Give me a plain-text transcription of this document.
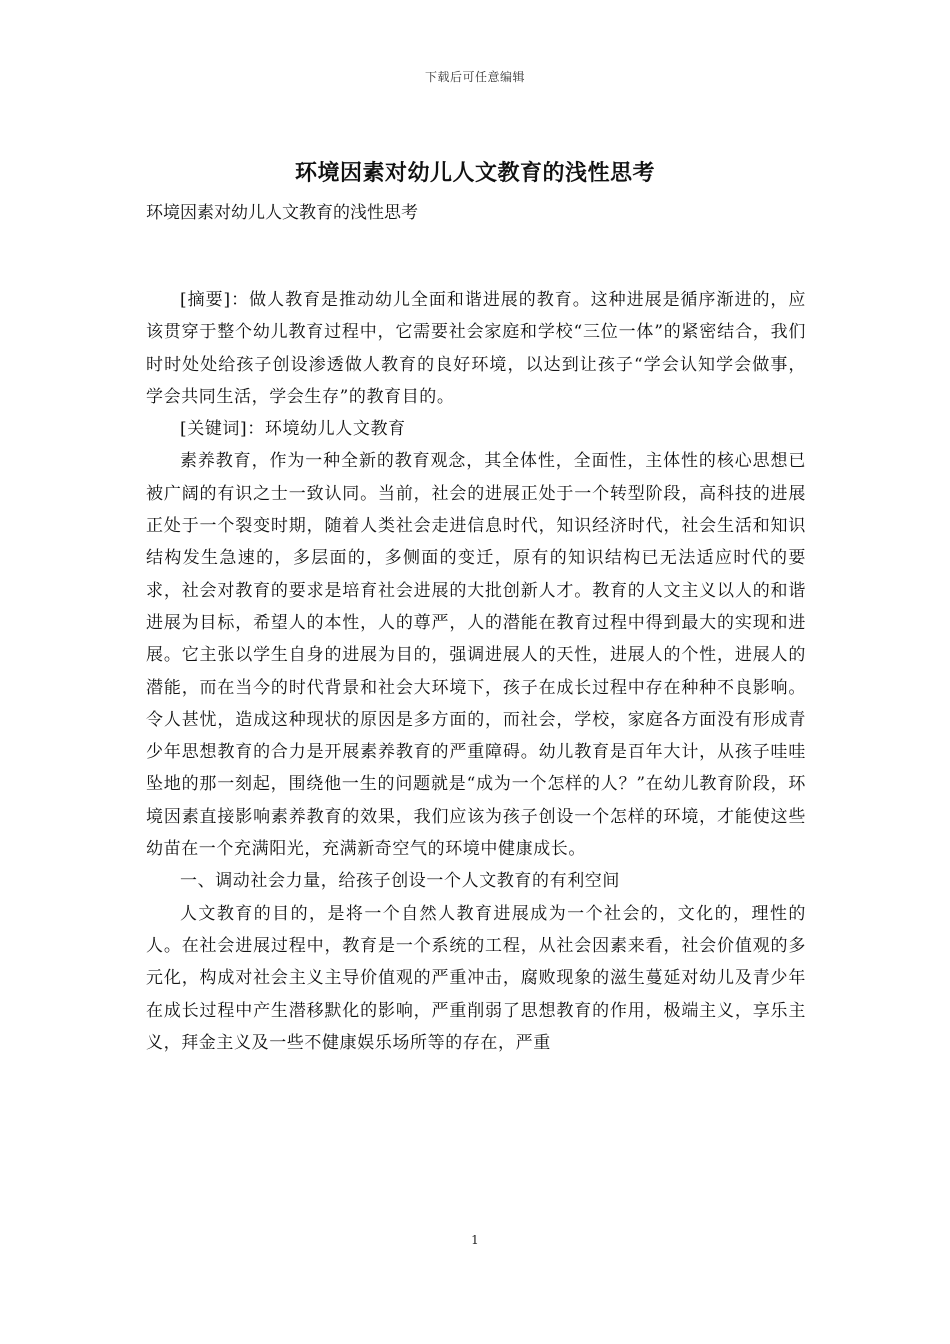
下载后可任意编辑
环境因素对幼儿人文教育的浅性思考

环境因素对幼儿人文教育的浅性思考

[摘要]：做人教育是推动幼儿全面和谐进展的教育。这种进展是循序渐进的，应该贯穿于整个幼儿教育过程中，它需要社会家庭和学校“三位一体”的紧密结合，我们时时处处给孩子创设渗透做人教育的良好环境，以达到让孩子“学会认知学会做事，学会共同生活，学会生存”的教育目的。

[关键词]：环境幼儿人文教育

素养教育，作为一种全新的教育观念，其全体性，全面性，主体性的核心思想已被广阔的有识之士一致认同。当前，社会的进展正处于一个转型阶段，高科技的进展正处于一个裂变时期，随着人类社会走进信息时代，知识经济时代，社会生活和知识结构发生急速的，多层面的，多侧面的变迁，原有的知识结构已无法适应时代的要求，社会对教育的要求是培育社会进展的大批创新人才。教育的人文主义以人的和谐进展为目标，希望人的本性，人的尊严，人的潜能在教育过程中得到最大的实现和进展。它主张以学生自身的进展为目的，强调进展人的天性，进展人的个性，进展人的潜能，而在当今的时代背景和社会大环境下，孩子在成长过程中存在种种不良影响。令人甚忧，造成这种现状的原因是多方面的，而社会，学校，家庭各方面没有形成青少年思想教育的合力是开展素养教育的严重障碍。幼儿教育是百年大计，从孩子哇哇坠地的那一刻起，围绕他一生的问题就是“成为一个怎样的人？”在幼儿教育阶段，环境因素直接影响素养教育的效果，我们应该为孩子创设一个怎样的环境，才能使这些幼苗在一个充满阳光，充满新奇空气的环境中健康成长。

一、调动社会力量，给孩子创设一个人文教育的有利空间

人文教育的目的，是将一个自然人教育进展成为一个社会的，文化的，理性的人。在社会进展过程中，教育是一个系统的工程，从社会因素来看，社会价值观的多元化，构成对社会主义主导价值观的严重冲击，腐败现象的滋生蔓延对幼儿及青少年在成长过程中产生潜移默化的影响，严重削弱了思想教育的作用，极端主义，享乐主义，拜金主义及一些不健康娱乐场所等的存在，严重

1
